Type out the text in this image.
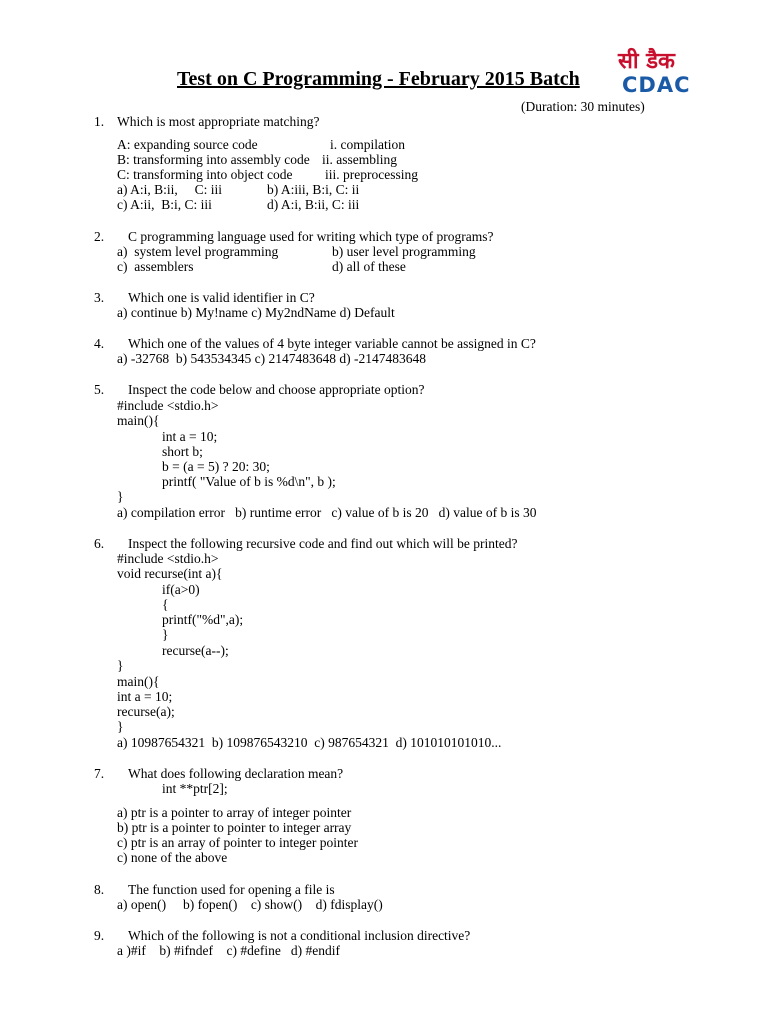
Test on C Programming - February 2015 Batch
सी डैक
CDAC
(Duration: 30 minutes)
1. Which is most appropriate matching?
A: expanding source code	i. compilation
B: transforming into assembly code ii. assembling
C: transforming into object code iii. preprocessing
a) A:i, B:ii,     C: iii	b) A:iii, B:i, C: ii
c) A:ii,  B:i, C: iii	d) A:i, B:ii, C: iii
2. C programming language used for writing which type of programs?
a)  system level programming	b) user level programming
c)  assemblers	d) all of these
3. Which one is valid identifier in C?
a) continue b) My!name c) My2ndName d) Default
4. Which one of the values of 4 byte integer variable cannot be assigned in C?
a) -32768  b) 543534345 c) 2147483648 d) -2147483648
5. Inspect the code below and choose appropriate option?
#include <stdio.h>
main(){
int a = 10;
short b;
b = (a = 5) ? 20: 30;
printf( "Value of b is %d\n", b );
}
a) compilation error   b) runtime error   c) value of b is 20   d) value of b is 30
6. Inspect the following recursive code and find out which will be printed?
#include <stdio.h>
void recurse(int a){
if(a>0)
{
printf("%d",a);
}
recurse(a--);
}
main(){
int a = 10;
recurse(a);
}
a) 10987654321  b) 109876543210  c) 987654321  d) 101010101010...
7. What does following declaration mean?
int **ptr[2];
a) ptr is a pointer to array of integer pointer
b) ptr is a pointer to pointer to integer array
c) ptr is an array of pointer to integer pointer
c) none of the above
8. The function used for opening a file is
a) open()     b) fopen()    c) show()    d) fdisplay()
9. Which of the following is not a conditional inclusion directive?
a )#if    b) #ifndef    c) #define   d) #endif
